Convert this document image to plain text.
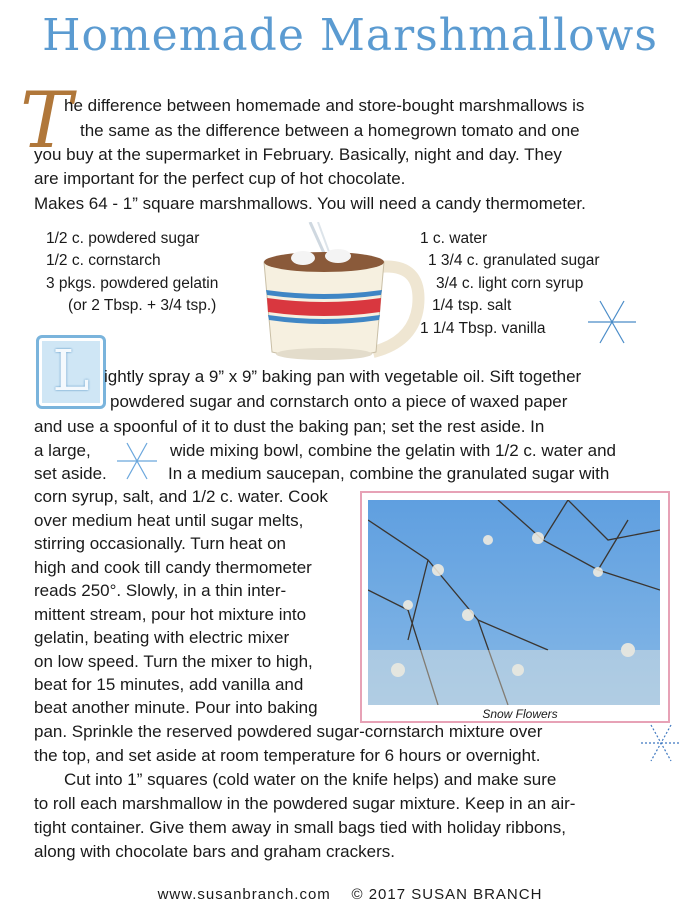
Homemade Marshmallows
T
he difference between homemade and store-bought marshmallows is
the same as the difference between a homegrown tomato and one
you buy at the supermarket in February. Basically, night and day. They
are important for the perfect cup of hot chocolate.
Makes 64 - 1” square marshmallows. You will need a candy thermometer.
1/2 c. powdered sugar
1/2 c. cornstarch
3 pkgs. powdered gelatin
(or 2 Tbsp. + 3/4 tsp.)
1 c. water
1 3/4 c. granulated sugar
3/4 c. light corn syrup
1/4 tsp. salt
1 1/4 Tbsp. vanilla
L ightly spray a 9” x 9” baking pan with vegetable oil. Sift together
powdered sugar and cornstarch onto a piece of waxed paper
and use a spoonful of it to dust the baking pan; set the rest aside. In
a large,	wide mixing bowl, combine the gelatin with 1/2 c. water and
set aside.	In a medium saucepan, combine the granulated sugar with
corn syrup, salt, and 1/2 c. water. Cook
over medium heat until sugar melts,
stirring occasionally. Turn heat on
high and cook till candy thermometer
reads 250°. Slowly, in a thin inter-
mittent stream, pour hot mixture into
gelatin, beating with electric mixer
on low speed. Turn the mixer to high,
beat for 15 minutes, add vanilla and
beat another minute. Pour into baking
pan. Sprinkle the reserved powdered sugar-cornstarch mixture over
the top, and set aside at room temperature for 6 hours or overnight.
Cut into 1” squares (cold water on the knife helps) and make sure
to roll each marshmallow in the powdered sugar mixture. Keep in an air-
tight container. Give them away in small bags tied with holiday ribbons,
along with chocolate bars and graham crackers.
Snow Flowers
www.susanbranch.com © 2017 SUSAN BRANCH
